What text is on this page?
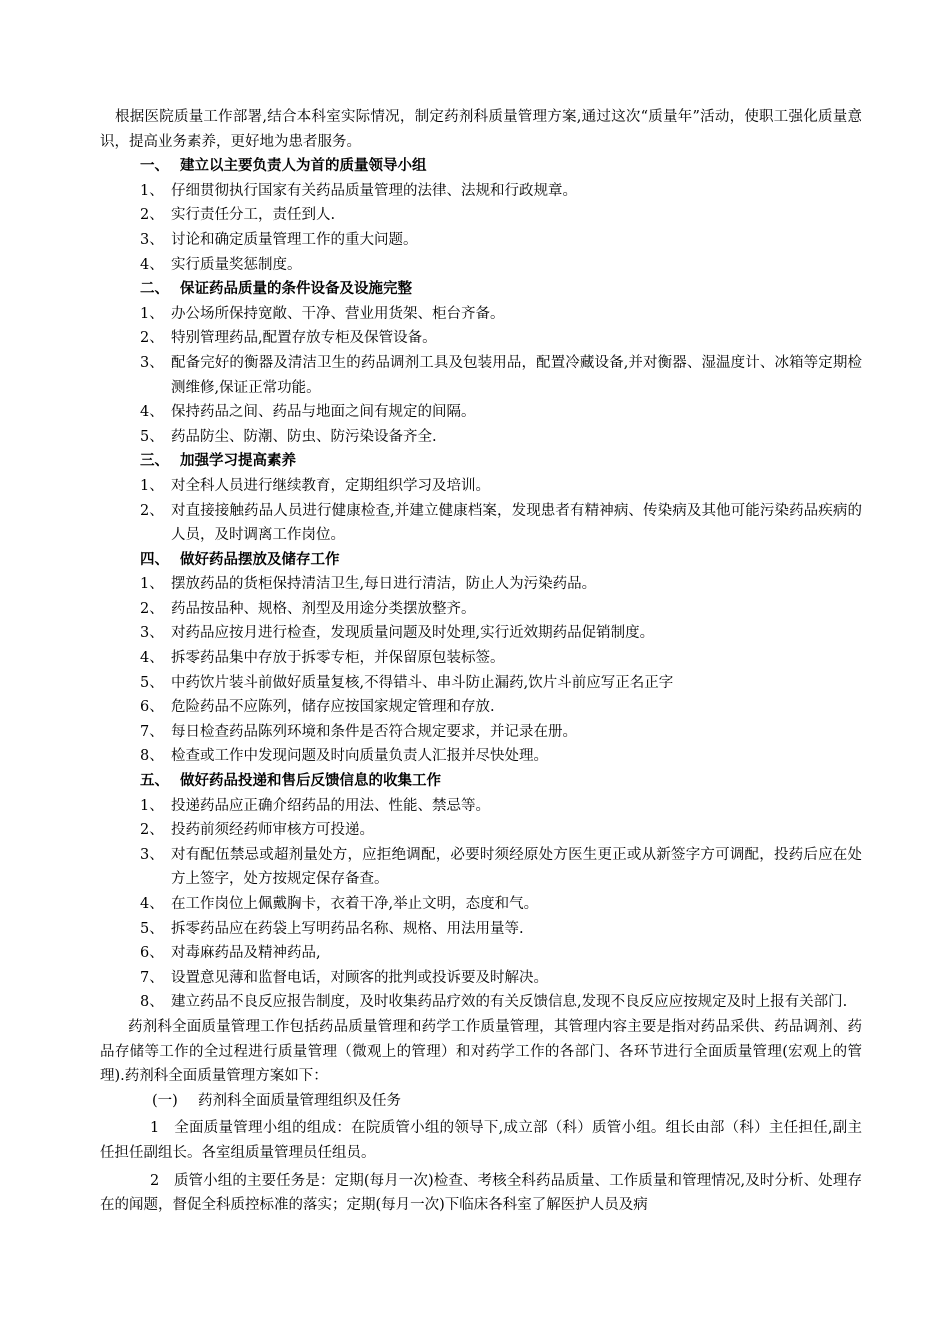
根据医院质量工作部署,结合本科室实际情况，制定药剂科质量管理方案,通过这次“质量年”活动，使职工强化质量意识，提高业务素养，更好地为患者服务。

一、 建立以主要负责人为首的质量领导小组
1、 仔细贯彻执行国家有关药品质量管理的法律、法规和行政规章。
2、 实行责任分工，责任到人.
3、 讨论和确定质量管理工作的重大问题。
4、 实行质量奖惩制度。
二、 保证药品质量的条件设备及设施完整
1、 办公场所保持宽敞、干净、营业用货架、柜台齐备。
2、 特别管理药品,配置存放专柜及保管设备。
3、 配备完好的衡器及清洁卫生的药品调剂工具及包装用品，配置冷藏设备,并对衡器、湿温度计、冰箱等定期检测维修,保证正常功能。
4、 保持药品之间、药品与地面之间有规定的间隔。
5、 药品防尘、防潮、防虫、防污染设备齐全.
三、 加强学习提高素养
1、 对全科人员进行继续教育，定期组织学习及培训。
2、 对直接接触药品人员进行健康检查,并建立健康档案，发现患者有精神病、传染病及其他可能污染药品疾病的人员，及时调离工作岗位。
四、 做好药品摆放及储存工作
1、 摆放药品的货柜保持清洁卫生,每日进行清洁，防止人为污染药品。
2、 药品按品种、规格、剂型及用途分类摆放整齐。
3、 对药品应按月进行检查，发现质量问题及时处理,实行近效期药品促销制度。
4、 拆零药品集中存放于拆零专柜，并保留原包装标签。
5、 中药饮片装斗前做好质量复核,不得错斗、串斗防止漏药,饮片斗前应写正名正字
6、 危险药品不应陈列，储存应按国家规定管理和存放.
7、 每日检查药品陈列环境和条件是否符合规定要求，并记录在册。
8、 检查或工作中发现问题及时向质量负责人汇报并尽快处理。
五、 做好药品投递和售后反馈信息的收集工作
1、 投递药品应正确介绍药品的用法、性能、禁忌等。
2、 投药前须经药师审核方可投递。
3、 对有配伍禁忌或超剂量处方，应拒绝调配，必要时须经原处方医生更正或从新签字方可调配，投药后应在处方上签字，处方按规定保存备查。
4、 在工作岗位上佩戴胸卡，衣着干净,举止文明，态度和气。
5、 拆零药品应在药袋上写明药品名称、规格、用法用量等.
6、 对毒麻药品及精神药品,
7、 设置意见薄和监督电话，对顾客的批判或投诉要及时解决。
8、 建立药品不良反应报告制度，及时收集药品疗效的有关反馈信息,发现不良反应应按规定及时上报有关部门.

药剂科全面质量管理工作包括药品质量管理和药学工作质量管理，其管理内容主要是指对药品采供、药品调剂、药品存储等工作的全过程进行质量管理（微观上的管理）和对药学工作的各部门、各环节进行全面质量管理(宏观上的管理).药剂科全面质量管理方案如下：

(一) 药剂科全面质量管理组织及任务

1　全面质量管理小组的组成：在院质管小组的领导下,成立部（科）质管小组。组长由部（科）主任担任,副主任担任副组长。各室组质量管理员任组员。

2　质管小组的主要任务是：定期(每月一次)检查、考核全科药品质量、工作质量和管理情况,及时分析、处理存在的闻题，督促全科质控标准的落实；定期(每月一次)下临床各科室了解医护人员及病
